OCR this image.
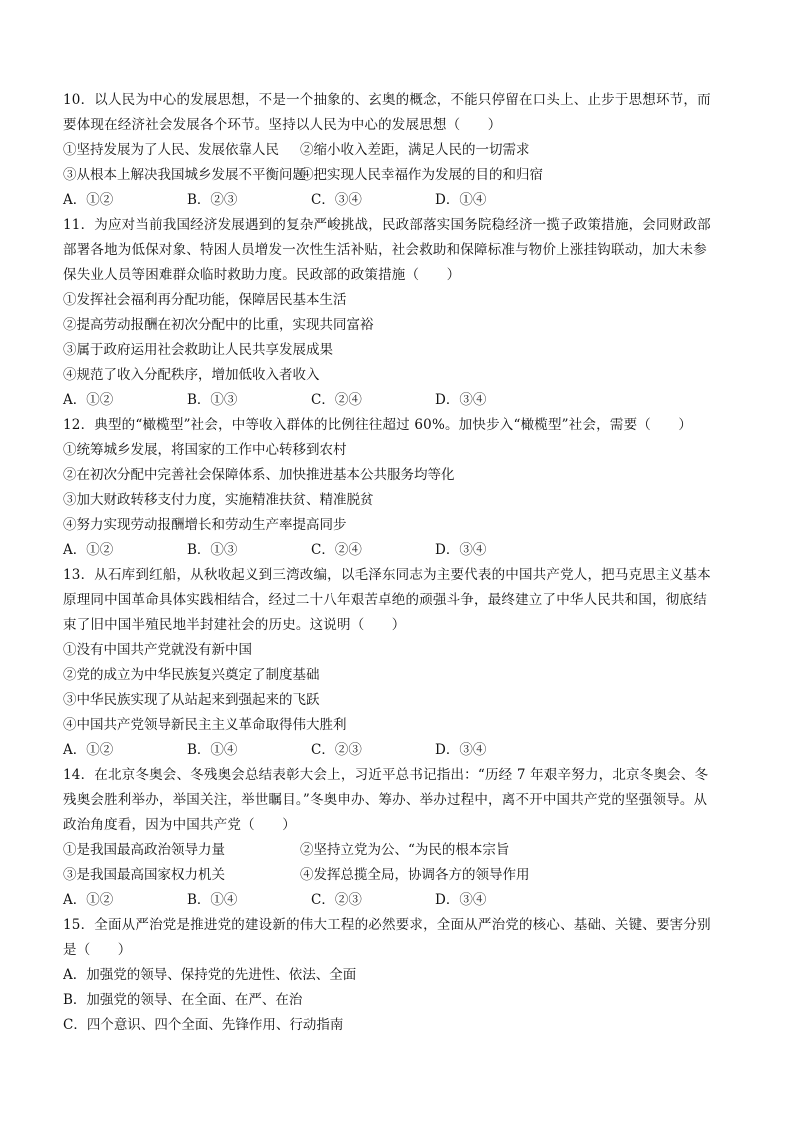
10．以人民为中心的发展思想，不是一个抽象的、玄奥的概念，不能只停留在口头上、止步于思想环节，而
要体现在经济社会发展各个环节。坚持以人民为中心的发展思想（　　）
①坚持发展为了人民、发展依靠人民	②缩小收入差距，满足人民的一切需求
③从根本上解决我国城乡发展不平衡问题
④把实现人民幸福作为发展的目的和归宿
A．①②	B．②③	C．③④	D．①④
11．为应对当前我国经济发展遇到的复杂严峻挑战，民政部落实国务院稳经济一揽子政策措施，会同财政部
部署各地为低保对象、特困人员增发一次性生活补贴，社会救助和保障标准与物价上涨挂钩联动，加大未参
保失业人员等困难群众临时救助力度。民政部的政策措施（　　）
①发挥社会福利再分配功能，保障居民基本生活
②提高劳动报酬在初次分配中的比重，实现共同富裕
③属于政府运用社会救助让人民共享发展成果
④规范了收入分配秩序，增加低收入者收入
A．①②	B．①③	C．②④	D．③④
12．典型的“橄榄型”社会，中等收入群体的比例往往超过 60%。加快步入“橄榄型”社会，需要（　　）
①统筹城乡发展，将国家的工作中心转移到农村
②在初次分配中完善社会保障体系、加快推进基本公共服务均等化
③加大财政转移支付力度，实施精准扶贫、精准脱贫
④努力实现劳动报酬增长和劳动生产率提高同步
A．①②	B．①③	C．②④	D．③④
13．从石库到红船，从秋收起义到三湾改编，以毛泽东同志为主要代表的中国共产党人，把马克思主义基本
原理同中国革命具体实践相结合，经过二十八年艰苦卓绝的顽强斗争，最终建立了中华人民共和国，彻底结
束了旧中国半殖民地半封建社会的历史。这说明（　　）
①没有中国共产党就没有新中国
②党的成立为中华民族复兴奠定了制度基础
③中华民族实现了从站起来到强起来的飞跃
④中国共产党领导新民主主义革命取得伟大胜利
A．①②	B．①④	C．②③	D．③④
14．在北京冬奥会、冬残奥会总结表彰大会上，习近平总书记指出：“历经 7 年艰辛努力，北京冬奥会、冬
残奥会胜利举办，举国关注，举世瞩目。”冬奥申办、筹办、举办过程中，离不开中国共产党的坚强领导。从
政治角度看，因为中国共产党（　　）
①是我国最高政治领导力量	②坚持立党为公、“为民的根本宗旨
③是我国最高国家权力机关	④发挥总揽全局，协调各方的领导作用
A．①②	B．①④	C．②③	D．③④
15．全面从严治党是推进党的建设新的伟大工程的必然要求，全面从严治党的核心、基础、关键、要害分别
是（　　）
A．加强党的领导、保持党的先进性、依法、全面
B．加强党的领导、在全面、在严、在治
C．四个意识、四个全面、先锋作用、行动指南
